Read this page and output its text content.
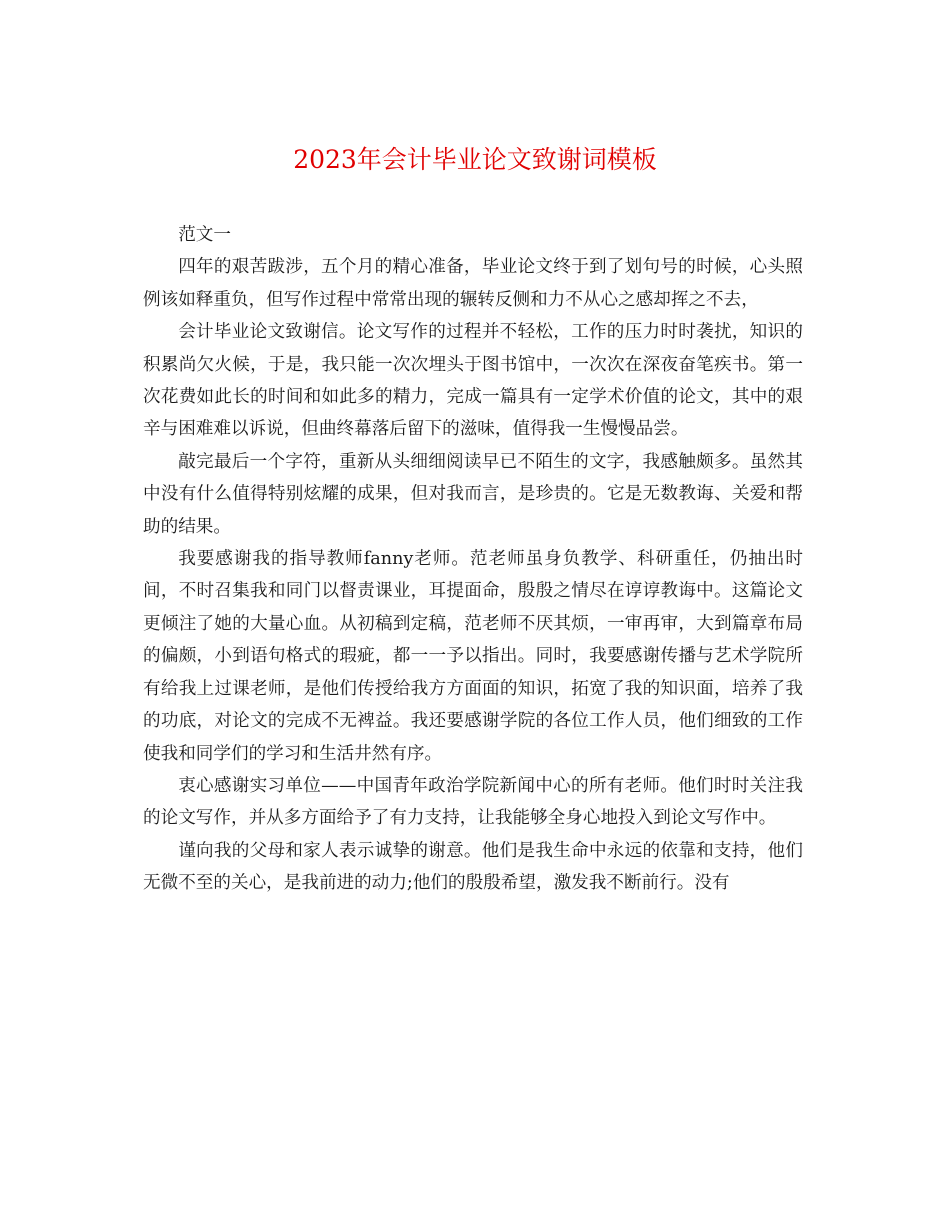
2023年会计毕业论文致谢词模板

范文一

四年的艰苦跋涉，五个月的精心准备，毕业论文终于到了划句号的时候，心头照例该如释重负，但写作过程中常常出现的辗转反侧和力不从心之感却挥之不去，

会计毕业论文致谢信。论文写作的过程并不轻松，工作的压力时时袭扰，知识的积累尚欠火候，于是，我只能一次次埋头于图书馆中，一次次在深夜奋笔疾书。第一次花费如此长的时间和如此多的精力，完成一篇具有一定学术价值的论文，其中的艰辛与困难难以诉说，但曲终幕落后留下的滋味，值得我一生慢慢品尝。

敲完最后一个字符，重新从头细细阅读早已不陌生的文字，我感触颇多。虽然其中没有什么值得特别炫耀的成果，但对我而言，是珍贵的。它是无数教诲、关爱和帮助的结果。

我要感谢我的指导教师fanny老师。范老师虽身负教学、科研重任，仍抽出时间，不时召集我和同门以督责课业，耳提面命，殷殷之情尽在谆谆教诲中。这篇论文更倾注了她的大量心血。从初稿到定稿，范老师不厌其烦，一审再审，大到篇章布局的偏颇，小到语句格式的瑕疵，都一一予以指出。同时，我要感谢传播与艺术学院所有给我上过课老师，是他们传授给我方方面面的知识，拓宽了我的知识面，培养了我的功底，对论文的完成不无裨益。我还要感谢学院的各位工作人员，他们细致的工作使我和同学们的学习和生活井然有序。

衷心感谢实习单位——中国青年政治学院新闻中心的所有老师。他们时时关注我的论文写作，并从多方面给予了有力支持，让我能够全身心地投入到论文写作中。

谨向我的父母和家人表示诚挚的谢意。他们是我生命中永远的依靠和支持，他们无微不至的关心，是我前进的动力;他们的殷殷希望，激发我不断前行。没有
